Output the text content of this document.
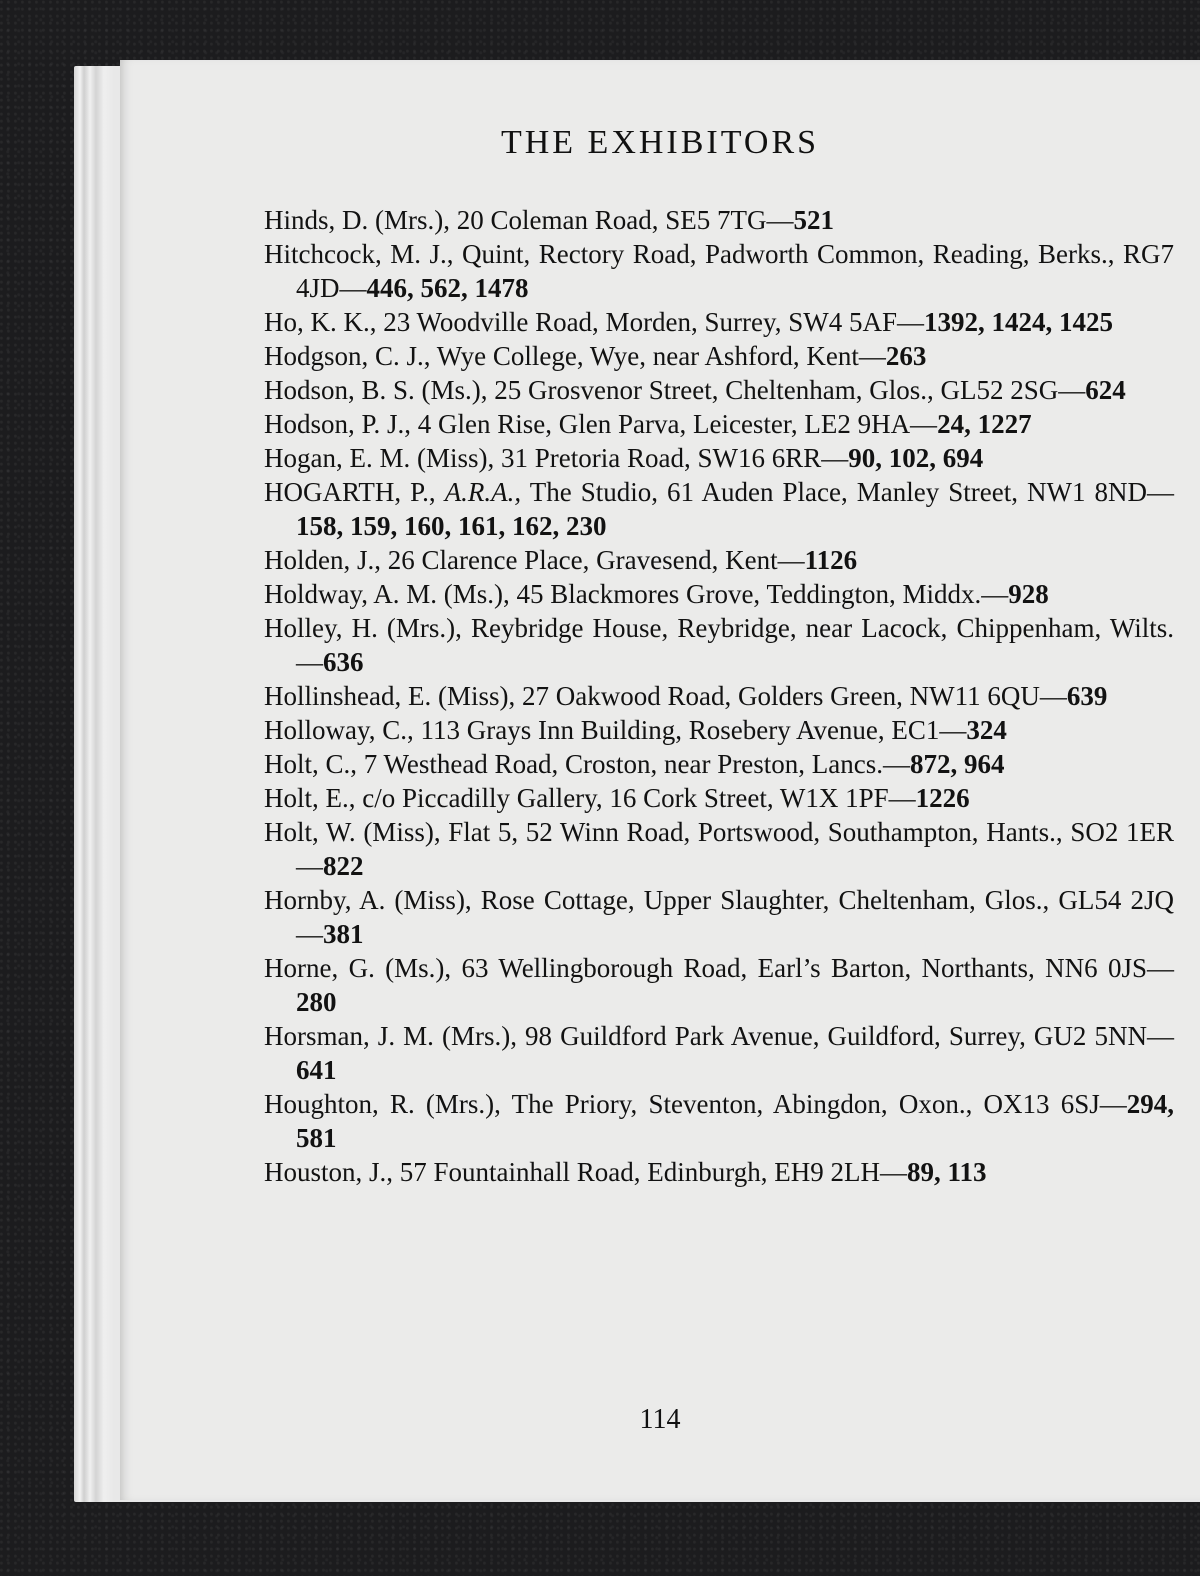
THE EXHIBITORS
Hinds, D. (Mrs.), 20 Coleman Road, SE5 7TG—521
Hitchcock, M. J., Quint, Rectory Road, Padworth Common, Reading, Berks., RG7 4JD—446, 562, 1478
Ho, K. K., 23 Woodville Road, Morden, Surrey, SW4 5AF—1392, 1424, 1425
Hodgson, C. J., Wye College, Wye, near Ashford, Kent—263
Hodson, B. S. (Ms.), 25 Grosvenor Street, Cheltenham, Glos., GL52 2SG—624
Hodson, P. J., 4 Glen Rise, Glen Parva, Leicester, LE2 9HA—24, 1227
Hogan, E. M. (Miss), 31 Pretoria Road, SW16 6RR—90, 102, 694
HOGARTH, P., A.R.A., The Studio, 61 Auden Place, Manley Street, NW1 8ND—158, 159, 160, 161, 162, 230
Holden, J., 26 Clarence Place, Gravesend, Kent—1126
Holdway, A. M. (Ms.), 45 Blackmores Grove, Teddington, Middx.—928
Holley, H. (Mrs.), Reybridge House, Reybridge, near Lacock, Chippenham, Wilts.—636
Hollinshead, E. (Miss), 27 Oakwood Road, Golders Green, NW11 6QU—639
Holloway, C., 113 Grays Inn Building, Rosebery Avenue, EC1—324
Holt, C., 7 Westhead Road, Croston, near Preston, Lancs.—872, 964
Holt, E., c/o Piccadilly Gallery, 16 Cork Street, W1X 1PF—1226
Holt, W. (Miss), Flat 5, 52 Winn Road, Portswood, Southampton, Hants., SO2 1ER—822
Hornby, A. (Miss), Rose Cottage, Upper Slaughter, Cheltenham, Glos., GL54 2JQ—381
Horne, G. (Ms.), 63 Wellingborough Road, Earl’s Barton, Northants, NN6 0JS—280
Horsman, J. M. (Mrs.), 98 Guildford Park Avenue, Guildford, Surrey, GU2 5NN—641
Houghton, R. (Mrs.), The Priory, Steventon, Abingdon, Oxon., OX13 6SJ—294, 581
Houston, J., 57 Fountainhall Road, Edinburgh, EH9 2LH—89, 113
114
